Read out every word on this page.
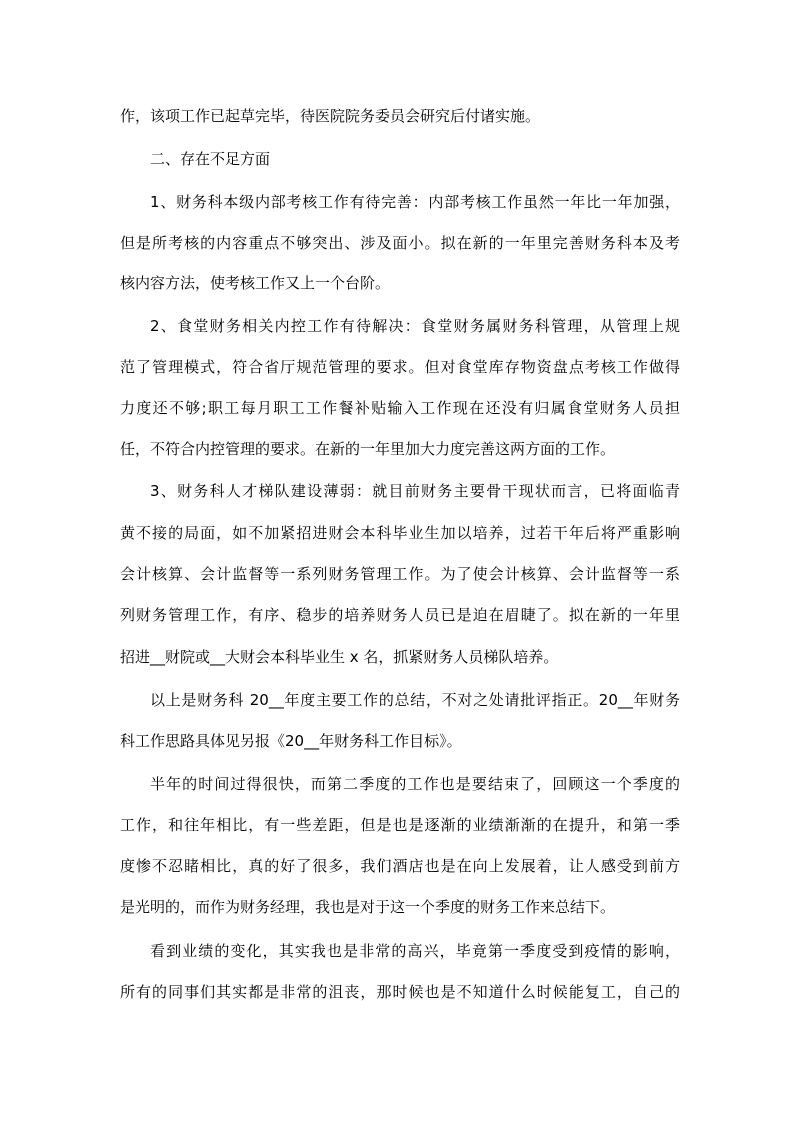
作，该项工作已起草完毕，待医院院务委员会研究后付诸实施。
二、存在不足方面
1、财务科本级内部考核工作有待完善：内部考核工作虽然一年比一年加强，
但是所考核的内容重点不够突出、涉及面小。拟在新的一年里完善财务科本及考
核内容方法，使考核工作又上一个台阶。
2、食堂财务相关内控工作有待解决：食堂财务属财务科管理，从管理上规
范了管理模式，符合省厅规范管理的要求。但对食堂库存物资盘点考核工作做得
力度还不够;职工每月职工工作餐补贴输入工作现在还没有归属食堂财务人员担
任，不符合内控管理的要求。在新的一年里加大力度完善这两方面的工作。
3、财务科人才梯队建设薄弱：就目前财务主要骨干现状而言，已将面临青
黄不接的局面，如不加紧招进财会本科毕业生加以培养，过若干年后将严重影响
会计核算、会计监督等一系列财务管理工作。为了使会计核算、会计监督等一系
列财务管理工作，有序、稳步的培养财务人员已是迫在眉睫了。拟在新的一年里
招进__财院或__大财会本科毕业生 x 名，抓紧财务人员梯队培养。
以上是财务科 20__年度主要工作的总结，不对之处请批评指正。20__年财务
科工作思路具体见另报《20__年财务科工作目标》。
半年的时间过得很快，而第二季度的工作也是要结束了，回顾这一个季度的
工作，和往年相比，有一些差距，但是也是逐渐的业绩渐渐的在提升，和第一季
度惨不忍睹相比，真的好了很多，我们酒店也是在向上发展着，让人感受到前方
是光明的，而作为财务经理，我也是对于这一个季度的财务工作来总结下。
看到业绩的变化，其实我也是非常的高兴，毕竟第一季度受到疫情的影响，
所有的同事们其实都是非常的沮丧，那时候也是不知道什么时候能复工，自己的
